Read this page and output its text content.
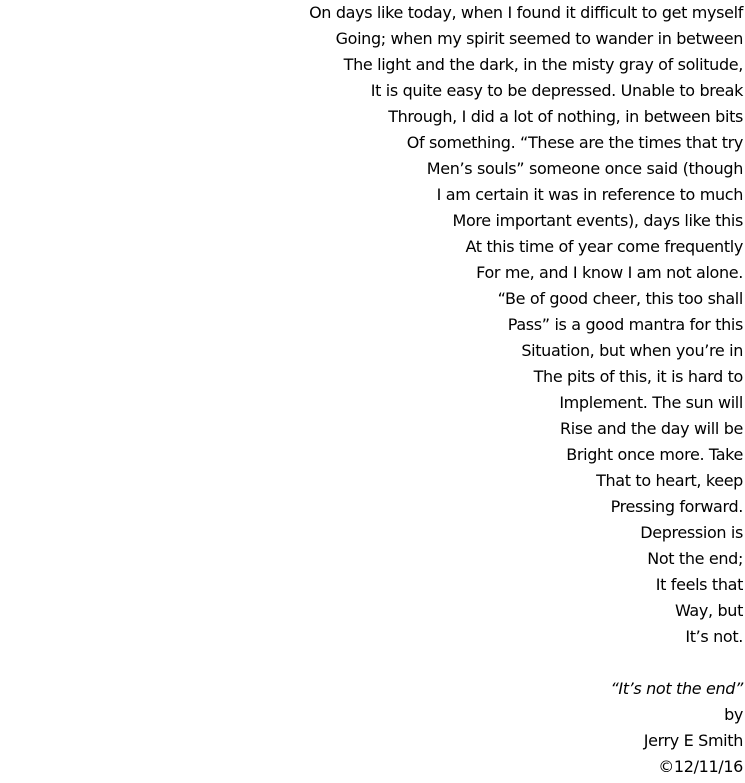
On days like today, when I found it difficult to get myself
Going; when my spirit seemed to wander in between
The light and the dark, in the misty gray of solitude,
It is quite easy to be depressed. Unable to break
Through, I did a lot of nothing, in between bits
Of something. “These are the times that try
Men’s souls” someone once said (though
I am certain it was in reference to much
More important events), days like this
At this time of year come frequently
For me, and I know I am not alone.
“Be of good cheer, this too shall
Pass” is a good mantra for this
Situation, but when you’re in
The pits of this, it is hard to
Implement. The sun will
Rise and the day will be
Bright once more. Take
That to heart, keep
Pressing forward.
Depression is
Not the end;
It feels that
Way, but
It’s not.
“It’s not the end”
by
Jerry E Smith
©12/11/16
